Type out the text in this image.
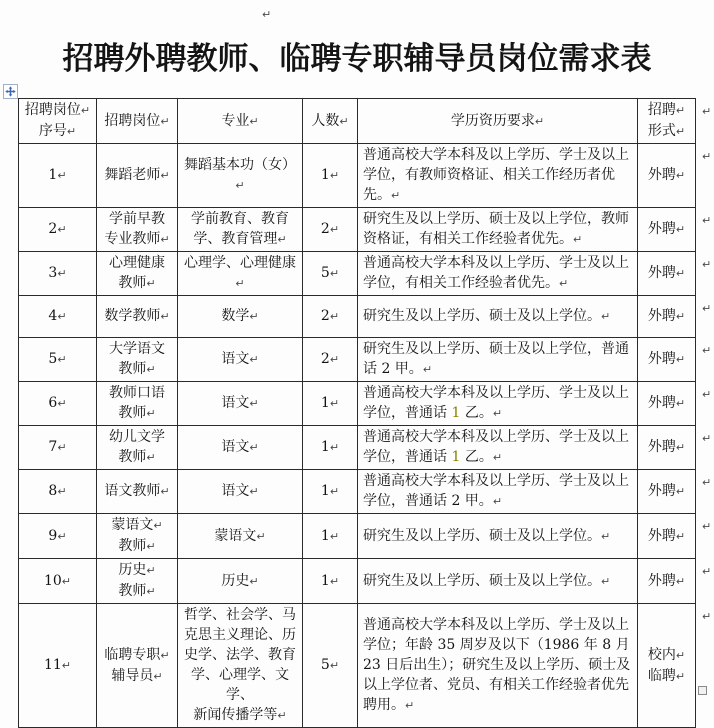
↵
招聘外聘教师、临聘专职辅导员岗位需求表
招聘岗位↵
序号↵	招聘岗位↵	专业↵	人数↵	学历资历要求↵	招聘↵
形式↵
1↵	舞蹈老师↵	舞蹈基本功（女）↵	1↵	普通高校大学本科及以上学历、学士及以上学位，有教师资格证、相关工作经历者优先。↵	外聘↵
2↵	学前早教
专业教师↵	学前教育、教育
学、教育管理↵	2↵	研究生及以上学历、硕士及以上学位，教师资格证，有相关工作经验者优先。↵	外聘↵
3↵	心理健康
教师↵	心理学、心理健康↵	5↵	普通高校大学本科及以上学历、学士及以上学位，有相关工作经验者优先。↵	外聘↵
4↵	数学教师↵	数学↵	2↵	研究生及以上学历、硕士及以上学位。↵	外聘↵
5↵	大学语文
教师↵	语文↵	2↵	研究生及以上学历、硕士及以上学位，普通话 2 甲。↵	外聘↵
6↵	教师口语
教师↵	语文↵	1↵	普通高校大学本科及以上学历、学士及以上学位，普通话 1 乙。↵	外聘↵
7↵	幼儿文学
教师↵	语文↵	1↵	普通高校大学本科及以上学历、学士及以上学位，普通话 1 乙。↵	外聘↵
8↵	语文教师↵	语文↵	1↵	普通高校大学本科及以上学历、学士及以上学位，普通话 2 甲。↵	外聘↵
9↵	蒙语文↵
教师↵	蒙语文↵	1↵	研究生及以上学历、硕士及以上学位。↵	外聘↵
10↵	历史↵
教师↵	历史↵	1↵	研究生及以上学历、硕士及以上学位。↵	外聘↵
11↵	临聘专职↵
辅导员↵	哲学、社会学、马
克思主义理论、历
史学、法学、教育
学、心理学、文学、
新闻传播学等↵	5↵	普通高校大学本科及以上学历、学士及以上学位；年龄 35 周岁及以下（1986 年 8 月 23 日后出生）；研究生及以上学历、硕士及以上学位者、党员、有相关工作经验者优先聘用。↵	校内↵
临聘↵
↵
↵
↵
↵
↵
↵
↵
↵
↵
↵
↵
↵
